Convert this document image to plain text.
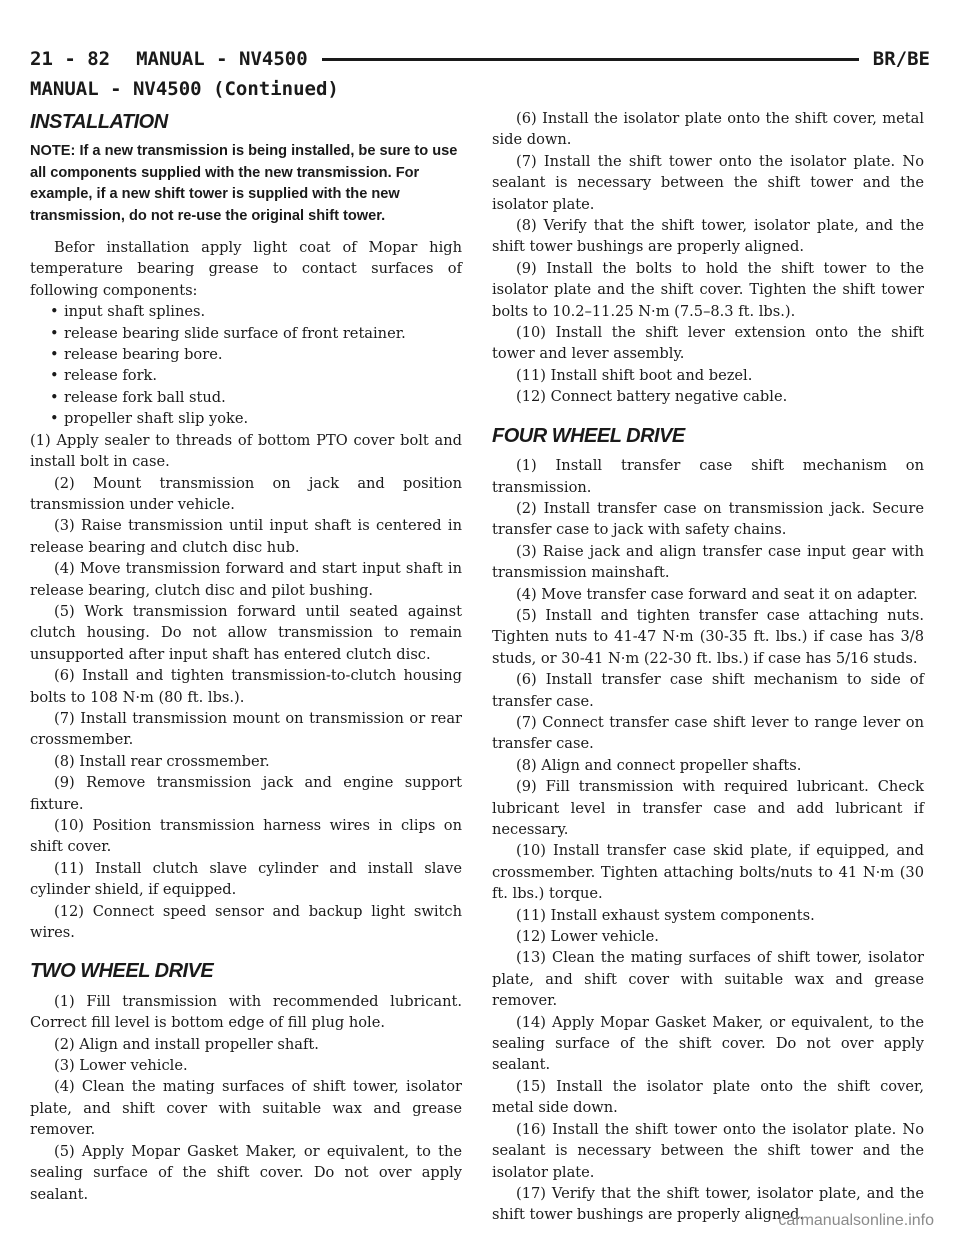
21 - 82 MANUAL - NV4500	BR/BE
MANUAL - NV4500 (Continued)
INSTALLATION
NOTE: If a new transmission is being installed, be sure to use all components supplied with the new transmission. For example, if a new shift tower is supplied with the new transmission, do not re-use the original shift tower.

Befor installation apply light coat of Mopar high temperature bearing grease to contact surfaces of following components:

• input shaft splines.
• release bearing slide surface of front retainer.
• release bearing bore.
• release fork.
• release fork ball stud.
• propeller shaft slip yoke.

(1) Apply sealer to threads of bottom PTO cover bolt and install bolt in case.

(2) Mount transmission on jack and position transmission under vehicle.

(3) Raise transmission until input shaft is centered in release bearing and clutch disc hub.

(4) Move transmission forward and start input shaft in release bearing, clutch disc and pilot bushing.

(5) Work transmission forward until seated against clutch housing. Do not allow transmission to remain unsupported after input shaft has entered clutch disc.

(6) Install and tighten transmission-to-clutch housing bolts to 108 N·m (80 ft. lbs.).

(7) Install transmission mount on transmission or rear crossmember.

(8) Install rear crossmember.

(9) Remove transmission jack and engine support fixture.

(10) Position transmission harness wires in clips on shift cover.

(11) Install clutch slave cylinder and install slave cylinder shield, if equipped.

(12) Connect speed sensor and backup light switch wires.

TWO WHEEL DRIVE

(1) Fill transmission with recommended lubricant. Correct fill level is bottom edge of fill plug hole.

(2) Align and install propeller shaft.

(3) Lower vehicle.

(4) Clean the mating surfaces of shift tower, isolator plate, and shift cover with suitable wax and grease remover.

(5) Apply Mopar Gasket Maker, or equivalent, to the sealing surface of the shift cover. Do not over apply sealant.

(6) Install the isolator plate onto the shift cover, metal side down.

(7) Install the shift tower onto the isolator plate. No sealant is necessary between the shift tower and the isolator plate.

(8) Verify that the shift tower, isolator plate, and the shift tower bushings are properly aligned.

(9) Install the bolts to hold the shift tower to the isolator plate and the shift cover. Tighten the shift tower bolts to 10.2–11.25 N·m (7.5–8.3 ft. lbs.).

(10) Install the shift lever extension onto the shift tower and lever assembly.

(11) Install shift boot and bezel.

(12) Connect battery negative cable.

FOUR WHEEL DRIVE

(1) Install transfer case shift mechanism on transmission.

(2) Install transfer case on transmission jack. Secure transfer case to jack with safety chains.

(3) Raise jack and align transfer case input gear with transmission mainshaft.

(4) Move transfer case forward and seat it on adapter.

(5) Install and tighten transfer case attaching nuts. Tighten nuts to 41-47 N·m (30-35 ft. lbs.) if case has 3/8 studs, or 30-41 N·m (22-30 ft. lbs.) if case has 5/16 studs.

(6) Install transfer case shift mechanism to side of transfer case.

(7) Connect transfer case shift lever to range lever on transfer case.

(8) Align and connect propeller shafts.

(9) Fill transmission with required lubricant. Check lubricant level in transfer case and add lubricant if necessary.

(10) Install transfer case skid plate, if equipped, and crossmember. Tighten attaching bolts/nuts to 41 N·m (30 ft. lbs.) torque.

(11) Install exhaust system components.

(12) Lower vehicle.

(13) Clean the mating surfaces of shift tower, isolator plate, and shift cover with suitable wax and grease remover.

(14) Apply Mopar Gasket Maker, or equivalent, to the sealing surface of the shift cover. Do not over apply sealant.

(15) Install the isolator plate onto the shift cover, metal side down.

(16) Install the shift tower onto the isolator plate. No sealant is necessary between the shift tower and the isolator plate.

(17) Verify that the shift tower, isolator plate, and the shift tower bushings are properly aligned.

carmanualsonline.info
